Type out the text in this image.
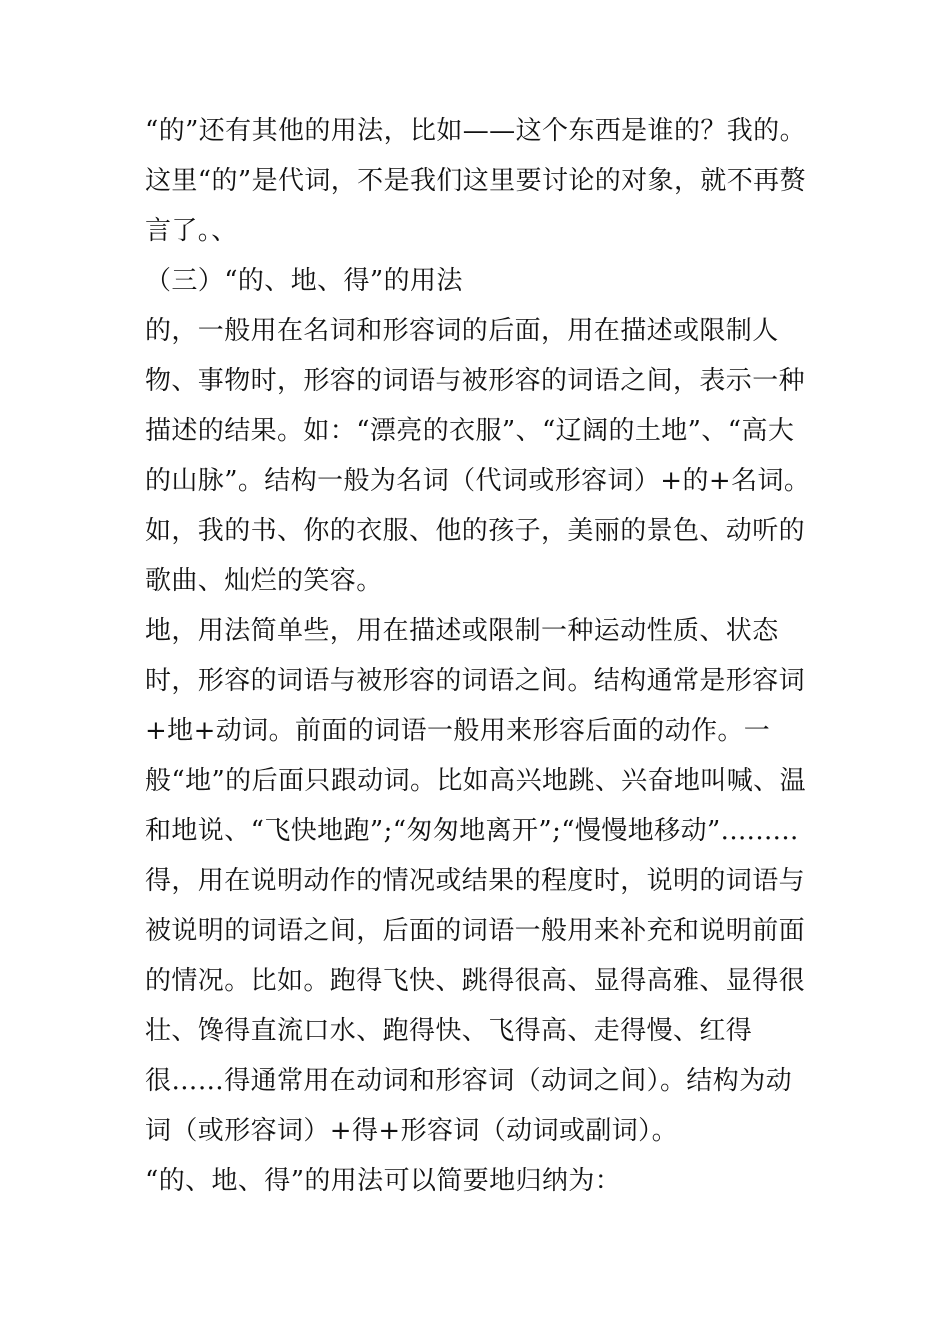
“的”还有其他的用法，比如——这个东西是谁的？我的。这里“的”是代词，不是我们这里要讨论的对象，就不再赘言了。、

（三）“的、地、得”的用法

的，一般用在名词和形容词的后面，用在描述或限制人物、事物时，形容的词语与被形容的词语之间，表示一种描述的结果。如：“漂亮的衣服”、“辽阔的土地”、“高大的山脉”。结构一般为名词（代词或形容词）+的+名词。如，我的书、你的衣服、他的孩子，美丽的景色、动听的歌曲、灿烂的笑容。

地，用法简单些，用在描述或限制一种运动性质、状态时，形容的词语与被形容的词语之间。结构通常是形容词+地+动词。前面的词语一般用来形容后面的动作。一般“地”的后面只跟动词。比如高兴地跳、兴奋地叫喊、温和地说、“飞快地跑”;“匆匆地离开”;“慢慢地移动”.........

得，用在说明动作的情况或结果的程度时，说明的词语与被说明的词语之间，后面的词语一般用来补充和说明前面的情况。比如。跑得飞快、跳得很高、显得高雅、显得很壮、馋得直流口水、跑得快、飞得高、走得慢、红得很……得通常用在动词和形容词（动词之间）。结构为动词（或形容词）+得+形容词（动词或副词）。

“的、地、得”的用法可以简要地归纳为：
